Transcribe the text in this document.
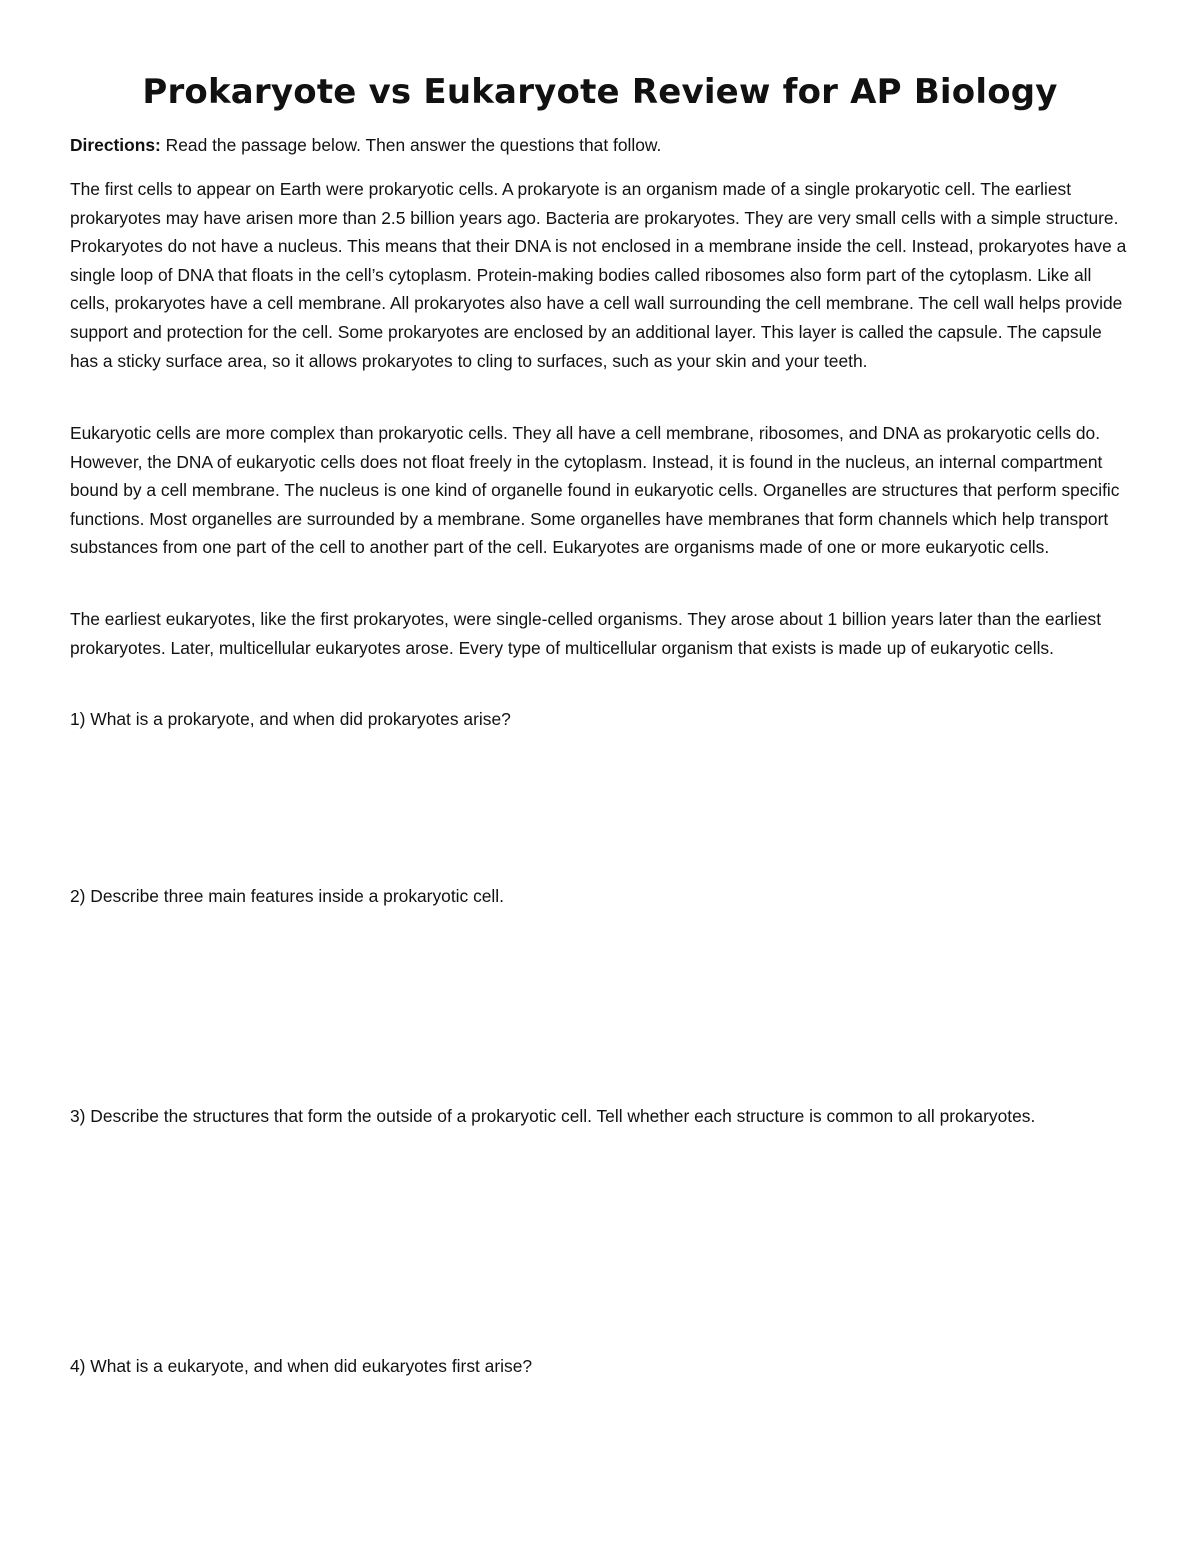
Prokaryote vs Eukaryote Review for AP Biology

Directions: Read the passage below. Then answer the questions that follow.

The first cells to appear on Earth were prokaryotic cells. A prokaryote is an organism made of a single prokaryotic cell. The earliest prokaryotes may have arisen more than 2.5 billion years ago. Bacteria are prokaryotes. They are very small cells with a simple structure. Prokaryotes do not have a nucleus. This means that their DNA is not enclosed in a membrane inside the cell. Instead, prokaryotes have a single loop of DNA that floats in the cell’s cytoplasm. Protein-making bodies called ribosomes also form part of the cytoplasm. Like all cells, prokaryotes have a cell membrane. All prokaryotes also have a cell wall surrounding the cell membrane. The cell wall helps provide support and protection for the cell. Some prokaryotes are enclosed by an additional layer. This layer is called the capsule. The capsule has a sticky surface area, so it allows prokaryotes to cling to surfaces, such as your skin and your teeth.

Eukaryotic cells are more complex than prokaryotic cells. They all have a cell membrane, ribosomes, and DNA as prokaryotic cells do. However, the DNA of eukaryotic cells does not float freely in the cytoplasm. Instead, it is found in the nucleus, an internal compartment bound by a cell membrane. The nucleus is one kind of organelle found in eukaryotic cells. Organelles are structures that perform specific functions. Most organelles are surrounded by a membrane. Some organelles have membranes that form channels which help transport substances from one part of the cell to another part of the cell. Eukaryotes are organisms made of one or more eukaryotic cells.

The earliest eukaryotes, like the first prokaryotes, were single-celled organisms. They arose about 1 billion years later than the earliest prokaryotes. Later, multicellular eukaryotes arose. Every type of multicellular organism that exists is made up of eukaryotic cells.

1) What is a prokaryote, and when did prokaryotes arise?

2) Describe three main features inside a prokaryotic cell.

3) Describe the structures that form the outside of a prokaryotic cell. Tell whether each structure is common to all prokaryotes.

4) What is a eukaryote, and when did eukaryotes first arise?
